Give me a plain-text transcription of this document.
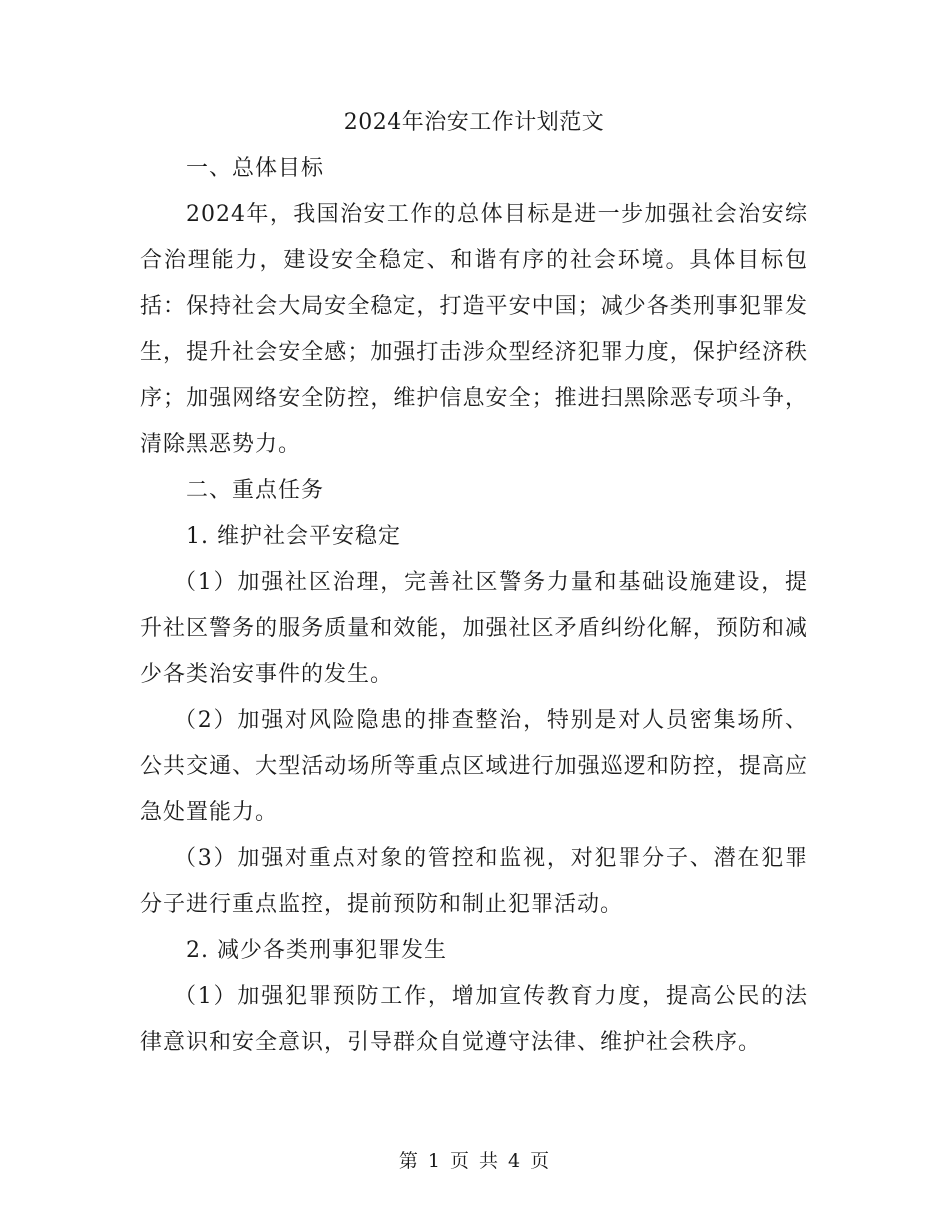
2024年治安工作计划范文

一、总体目标

2024年，我国治安工作的总体目标是进一步加强社会治安综合治理能力，建设安全稳定、和谐有序的社会环境。具体目标包括：保持社会大局安全稳定，打造平安中国；减少各类刑事犯罪发生，提升社会安全感；加强打击涉众型经济犯罪力度，保护经济秩序；加强网络安全防控，维护信息安全；推进扫黑除恶专项斗争，清除黑恶势力。

二、重点任务

1. 维护社会平安稳定

（1）加强社区治理，完善社区警务力量和基础设施建设，提升社区警务的服务质量和效能，加强社区矛盾纠纷化解，预防和减少各类治安事件的发生。

（2）加强对风险隐患的排查整治，特别是对人员密集场所、公共交通、大型活动场所等重点区域进行加强巡逻和防控，提高应急处置能力。

（3）加强对重点对象的管控和监视，对犯罪分子、潜在犯罪分子进行重点监控，提前预防和制止犯罪活动。

2. 减少各类刑事犯罪发生

（1）加强犯罪预防工作，增加宣传教育力度，提高公民的法律意识和安全意识，引导群众自觉遵守法律、维护社会秩序。

第 1 页 共 4 页
